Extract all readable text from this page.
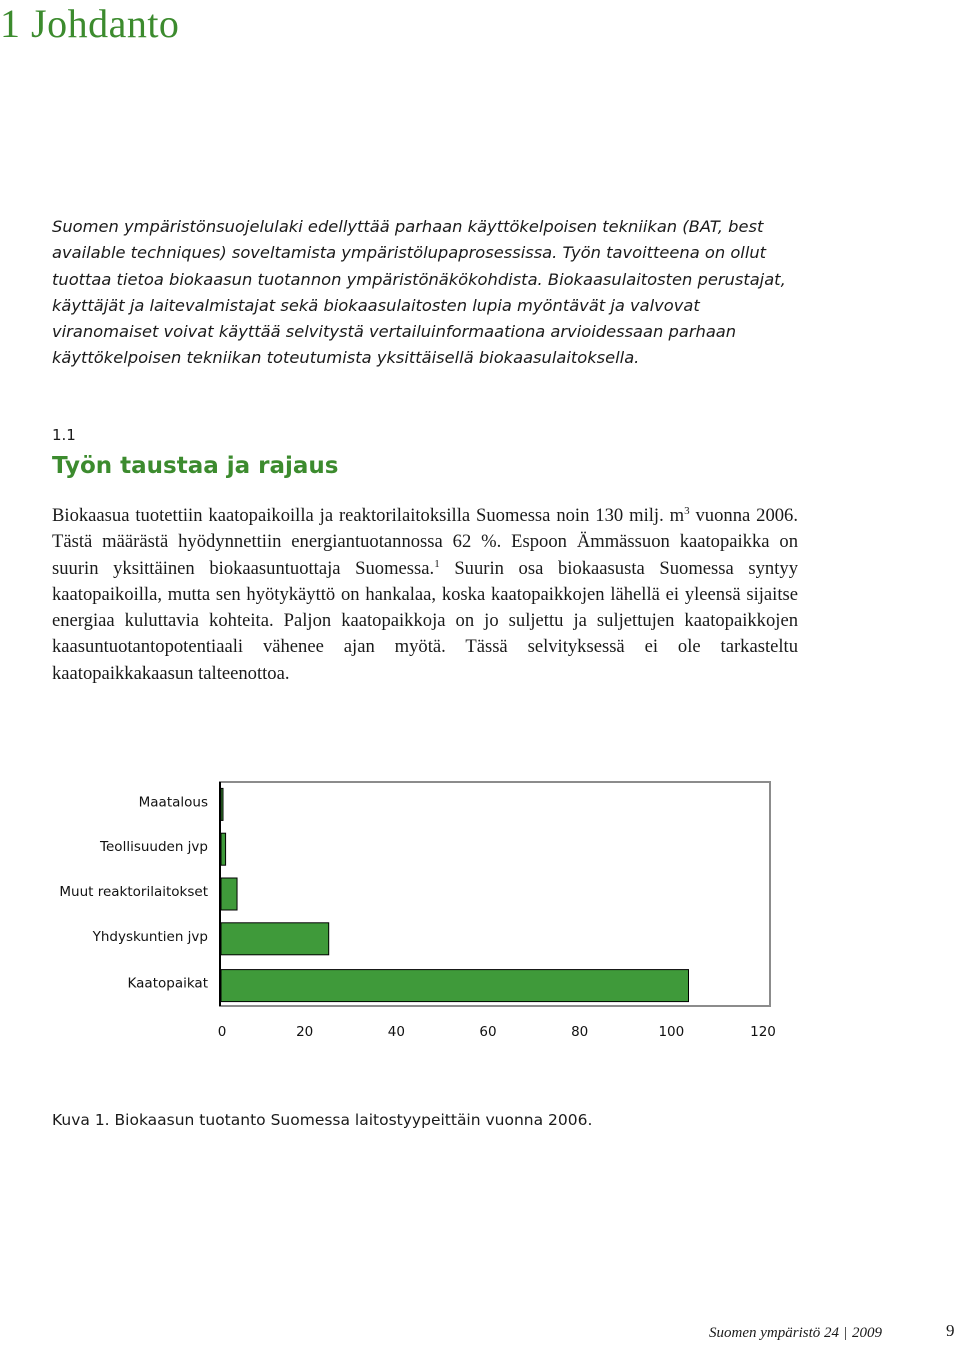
1 Johdanto

Suomen ympäristönsuojelulaki edellyttää parhaan käyttökelpoisen tekniikan (BAT, best available techniques) soveltamista ympäristölupaprosessissa. Työn tavoitteena on ollut tuottaa tietoa biokaasun tuotannon ympäristönäkökohdista. Biokaasulaitosten perustajat, käyttäjät ja laitevalmistajat sekä biokaasulaitosten lupia myöntävät ja valvovat viranomaiset voivat käyttää selvitystä vertailuinformaationa arvioidessaan parhaan käyttökelpoisen tekniikan toteutumista yksittäisellä biokaasulaitoksella.

1.1
Työn taustaa ja rajaus

Biokaasua tuotettiin kaatopaikoilla ja reaktorilaitoksilla Suomessa noin 130 milj. $m^3$ vuonna 2006. Tästä määrästä hyödynnettiin energiantuotannossa 62 %. Espoon Ämmässuon kaatopaikka on suurin yksittäinen biokaasuntuottaja Suomessa.$^1$ Suurin osa biokaasusta Suomessa syntyy kaatopaikoilla, mutta sen hyötykäyttö on hankalaa, koska kaatopaikkojen lähellä ei yleensä sijaitse energiaa kuluttavia kohteita. Paljon kaatopaikkoja on jo suljettu ja suljettujen kaatopaikkojen kaasuntuotantopotentiaali vähenee ajan myötä. Tässä selvityksessä ei ole tarkasteltu kaatopaikkakaasun talteenottoa.

Maatalous
Teollisuuden jvp
Muut reaktorilaitokset
Yhdyskuntien jvp
Kaatopaikat
0	20	40	60	80	100	120
Kuva 1. Biokaasun tuotanto Suomessa laitostyypeittäin vuonna 2006.
Suomen ympäristö 24 | 2009	9
